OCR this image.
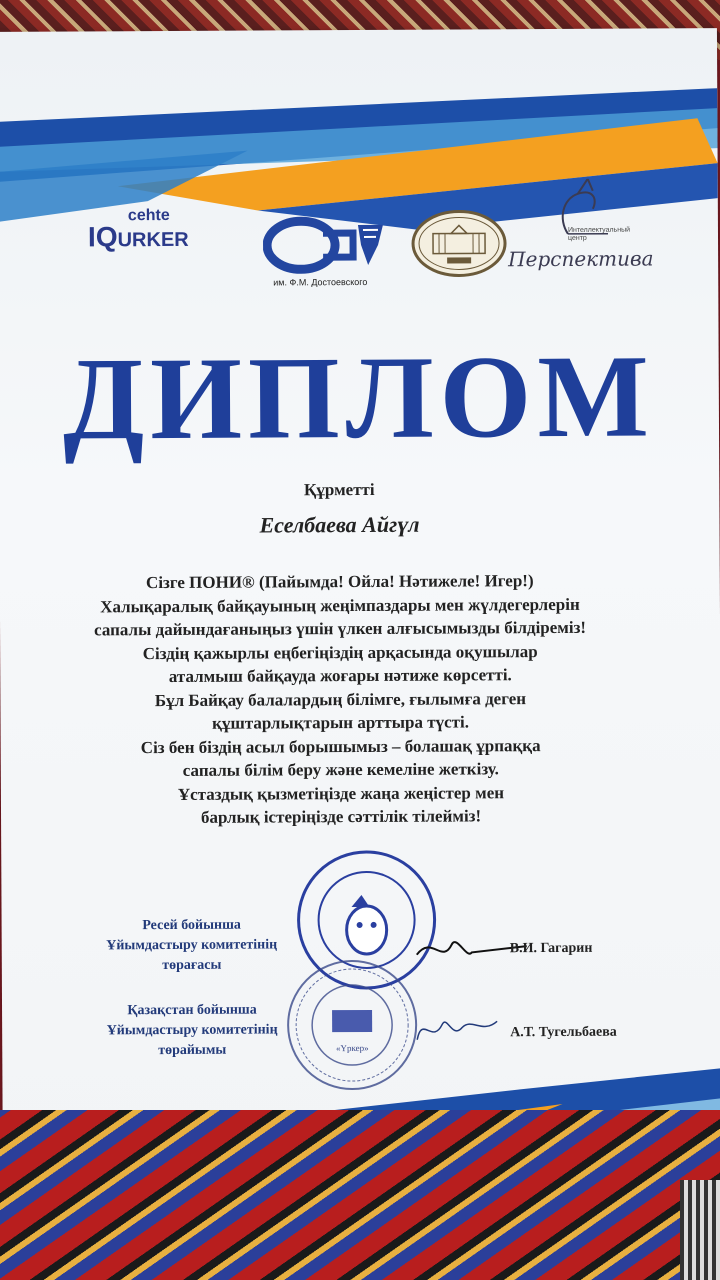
cehte
IQURKER
им. Ф.М. Достоевского
Интеллектуальный центр
Перспектива
ДИПЛОМ
Құрметті
Еселбаева Айгүл
Сізге ПОНИ® (Пайымда! Ойла! Нәтижеле! Игер!)
Халықаралық байқауының жеңімпаздары мен жүлдегерлерін
сапалы дайындағаныңыз үшін үлкен алғысымызды білдіреміз!
Сіздің қажырлы еңбегіңіздің арқасында оқушылар
аталмыш байқауда жоғары нәтиже көрсетті.
Бұл Байқау балалардың білімге, ғылымға деген
құштарлықтарын арттыра түсті.
Сіз бен біздің асыл борышымыз – болашақ ұрпаққа
сапалы білім беру және кемеліне жеткізу.
Ұстаздық қызметіңізде жаңа жеңістер мен
барлық істеріңізде сәттілік тілейміз!
«Үркер»
Ресей бойынша
Ұйымдастыру комитетінің
төрағасы
В.И. Гагарин
Қазақстан бойынша
Ұйымдастыру комитетінің
төрайымы
А.Т. Тугельбаева
